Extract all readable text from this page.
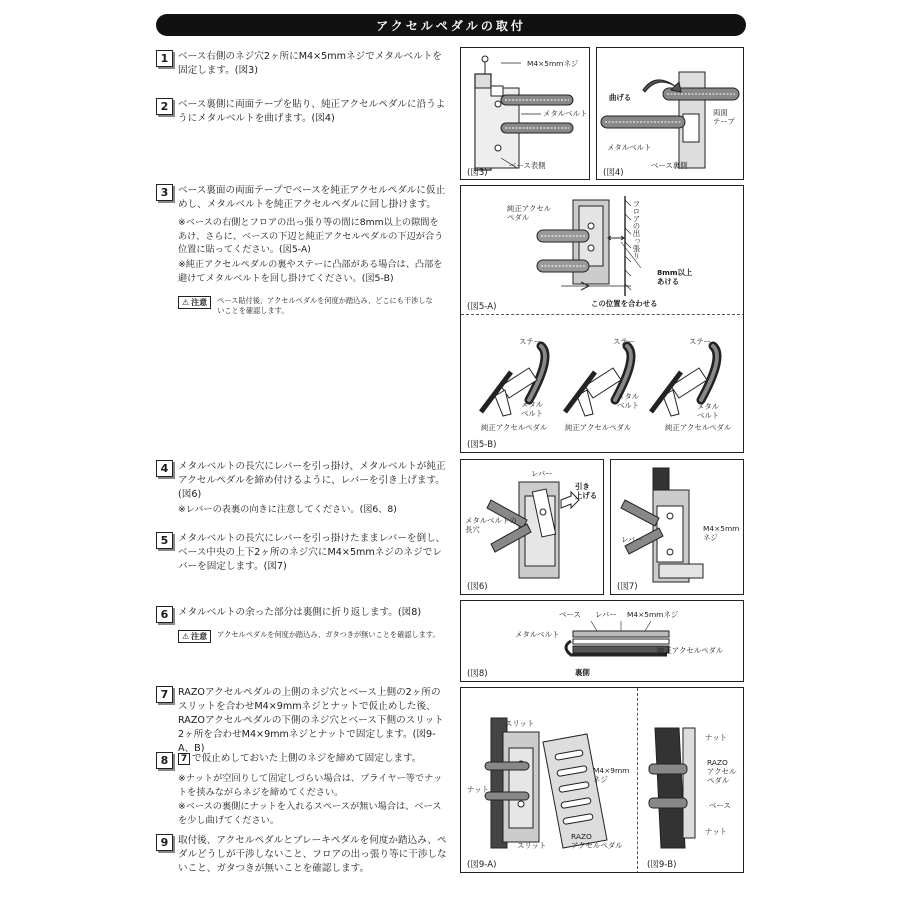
アクセルペダルの取付
1	ベース右側のネジ穴2ヶ所にM4×5mmネジでメタルベルトを固定します。(図3)
2	ベース裏側に両面テープを貼り、純正アクセルペダルに沿うようにメタルベルトを曲げます。(図4)
3	ベース裏面の両面テープでベースを純正アクセルペダルに仮止めし、メタルベルトを純正アクセルペダルに回し掛けます。
※ベースの右側とフロアの出っ張り等の間に8mm以上の隙間をあけ、さらに、ベースの下辺と純正アクセルペダルの下辺が合う位置に貼ってください。(図5-A)
※純正アクセルペダルの裏やステーに凸部がある場合は、凸部を避けてメタルベルトを回し掛けてください。(図5-B)
⚠ 注意 ペース貼付後、アクセルペダルを何度か踏込み、どこにも干渉しないことを確認します。
4	メタルベルトの長穴にレバーを引っ掛け、メタルベルトが純正アクセルペダルを締め付けるように、レバーを引き上げます。(図6)
※レバーの表裏の向きに注意してください。(図6、8)
5	メタルベルトの長穴にレバーを引っ掛けたままレバーを倒し、ベース中央の上下2ヶ所のネジ穴にM4×5mmネジのネジでレバーを固定します。(図7)
6	メタルベルトの余った部分は裏側に折り返します。(図8)
⚠ 注意 アクセルペダルを何度か踏込み、ガタつきが無いことを確認します。
7	RAZOアクセルペダルの上側のネジ穴とベース上側の2ヶ所のスリットを合わせM4×9mmネジとナットで仮止めした後、RAZOアクセルペダルの下側のネジ穴とベース下側のスリット2ヶ所を合わせM4×9mmネジとナットで固定します。(図9-A、B)
8	7 で仮止めしておいた上側のネジを締めて固定します。
※ナットが空回りして固定しづらい場合は、プライヤー等でナットを挟みながらネジを締めてください。
※ベースの裏側にナットを入れるスペースが無い場合は、ベースを少し曲げてください。
9	取付後、アクセルペダルとブレーキペダルを何度か踏込み、ペダルどうしが干渉しないこと、フロアの出っ張り等に干渉しないこと、ガタつきが無いことを確認します。
M4×5mmネジ
メタルベルト
ベース表側
(図3)
曲げる
両面
テープ
メタルベルト
ベース裏側
(図4)
純正アクセル
ペダル	フロアの出っ張り
8mm以上
あける
この位置を合わせる
(図5-A)
ステー	ステー	ステー
メタル
ベルト
メタル
ベルト	メタル
ベルト
純正アクセルペダル 純正アクセルペダル	純正アクセルペダル
(図5-B)
レバー
引き
上げる
メタルベルトの
長穴
(図6)
レバー
M4×5mm
ネジ
(図7)
ベース レバー M4×5mmネジ
メタルベルト
純正アクセルペダル
裏側
(図8)
スリット
ナット
M4×9mm
ネジ
スリット
RAZO
アクセルペダル
(図9-A)
ナット
RAZO
アクセル
ペダル
ベース
ナット
(図9-B)
